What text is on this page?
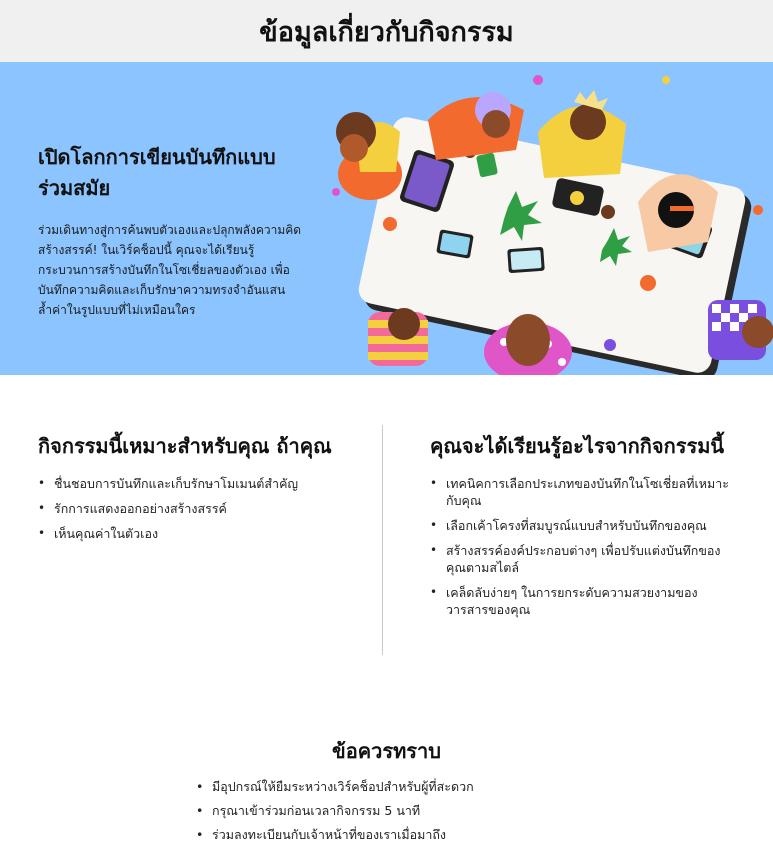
ข้อมูลเกี่ยวกับกิจกรรม
เปิดโลกการเขียนบันทึกแบบร่วมสมัย

ร่วมเดินทางสู่การค้นพบตัวเองและปลุกพลังความคิดสร้างสรรค์! ในเวิร์คช็อปนี้ คุณจะได้เรียนรู้กระบวนการสร้างบันทึกในโซเชี่ยลของตัวเอง เพื่อบันทึกความคิดและเก็บรักษาความทรงจำอันแสนล้ำค่าในรูปแบบที่ไม่เหมือนใคร

กิจกรรมนี้เหมาะสำหรับคุณ ถ้าคุณ
• ชื่นชอบการบันทึกและเก็บรักษาโมเมนต์สำคัญ
• รักการแสดงออกอย่างสร้างสรรค์
• เห็นคุณค่าในตัวเอง
คุณจะได้เรียนรู้อะไรจากกิจกรรมนี้
• เทคนิคการเลือกประเภทของบันทึกในโซเชี่ยลที่เหมาะกับคุณ
• เลือกเค้าโครงที่สมบูรณ์แบบสำหรับบันทึกของคุณ
• สร้างสรรค์องค์ประกอบต่างๆ เพื่อปรับแต่งบันทึกของคุณตามสไตล์
• เคล็ดลับง่ายๆ ในการยกระดับความสวยงามของวารสารของคุณ
ข้อควรทราบ
• มีอุปกรณ์ให้ยืมระหว่างเวิร์คช็อปสำหรับผู้ที่สะดวก
• กรุณาเข้าร่วมก่อนเวลากิจกรรม 5 นาที
• ร่วมลงทะเบียนกับเจ้าหน้าที่ของเราเมื่อมาถึง
